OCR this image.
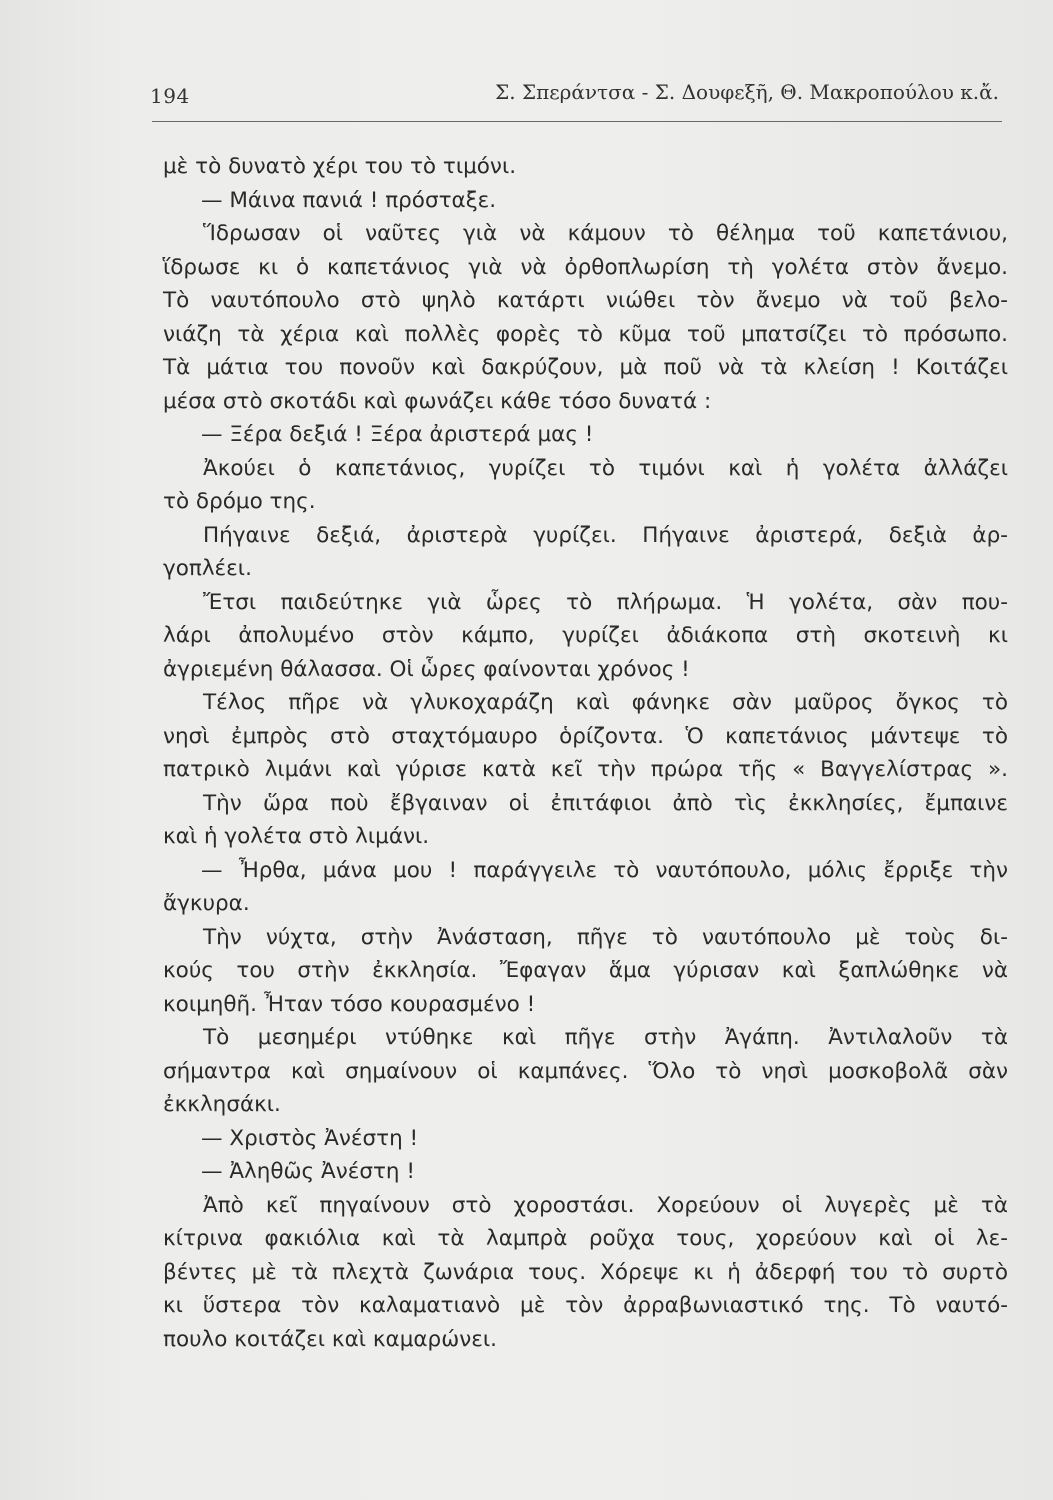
194	Σ. Σπεράντσα - Σ. Δουφεξῆ, Θ. Μακροπούλου κ.ἄ.
μὲ τὸ δυνατὸ χέρι του τὸ τιμόνι.
— Μάινα πανιά ! πρόσταξε.
Ἵδρωσαν οἱ ναῦτες γιὰ νὰ κάμουν τὸ θέλημα τοῦ καπετάνιου,
ἵδρωσε κι ὁ καπετάνιος γιὰ νὰ ὀρθοπλωρίση τὴ γολέτα στὸν ἄνεμο.
Τὸ ναυτόπουλο στὸ ψηλὸ κατάρτι νιώθει τὸν ἄνεμο νὰ τοῦ βελο-
νιάζη τὰ χέρια καὶ πολλὲς φορὲς τὸ κῦμα τοῦ μπατσίζει τὸ πρόσωπο.
Τὰ μάτια του πονοῦν καὶ δακρύζουν, μὰ ποῦ νὰ τὰ κλείση ! Κοιτάζει
μέσα στὸ σκοτάδι καὶ φωνάζει κάθε τόσο δυνατά :
— Ξέρα δεξιά ! Ξέρα ἀριστερά μας !
Ἀκούει ὁ καπετάνιος, γυρίζει τὸ τιμόνι καὶ ἡ γολέτα ἀλλάζει
τὸ δρόμο της.
Πήγαινε δεξιά, ἀριστερὰ γυρίζει. Πήγαινε ἀριστερά, δεξιὰ ἀρ-
γοπλέει.
Ἔτσι παιδεύτηκε γιὰ ὧρες τὸ πλήρωμα. Ἡ γολέτα, σὰν που-
λάρι ἀπολυμένο στὸν κάμπο, γυρίζει ἀδιάκοπα στὴ σκοτεινὴ κι
ἀγριεμένη θάλασσα. Οἱ ὧρες φαίνονται χρόνος !
Τέλος πῆρε νὰ γλυκοχαράζη καὶ φάνηκε σὰν μαῦρος ὄγκος τὸ
νησὶ ἐμπρὸς στὸ σταχτόμαυρο ὁρίζοντα. Ὁ καπετάνιος μάντεψε τὸ
πατρικὸ λιμάνι καὶ γύρισε κατὰ κεῖ τὴν πρώρα τῆς « Βαγγελίστρας ».
Τὴν ὥρα ποὺ ἔβγαιναν οἱ ἐπιτάφιοι ἀπὸ τὶς ἐκκλησίες, ἔμπαινε
καὶ ἡ γολέτα στὸ λιμάνι.
— Ἦρθα, μάνα μου ! παράγγειλε τὸ ναυτόπουλο, μόλις ἔρριξε τὴν
ἄγκυρα.
Τὴν νύχτα, στὴν Ἀνάσταση, πῆγε τὸ ναυτόπουλο μὲ τοὺς δι-
κούς του στὴν ἐκκλησία. Ἔφαγαν ἅμα γύρισαν καὶ ξαπλώθηκε νὰ
κοιμηθῆ. Ἦταν τόσο κουρασμένο !
Τὸ μεσημέρι ντύθηκε καὶ πῆγε στὴν Ἀγάπη. Ἀντιλαλοῦν τὰ
σήμαντρα καὶ σημαίνουν οἱ καμπάνες. Ὅλο τὸ νησὶ μοσκοβολᾶ σὰν
ἐκκλησάκι.
— Χριστὸς Ἀνέστη !
— Ἀληθῶς Ἀνέστη !
Ἀπὸ κεῖ πηγαίνουν στὸ χοροστάσι. Χορεύουν οἱ λυγερὲς μὲ τὰ
κίτρινα φακιόλια καὶ τὰ λαμπρὰ ροῦχα τους, χορεύουν καὶ οἱ λε-
βέντες μὲ τὰ πλεχτὰ ζωνάρια τους. Χόρεψε κι ἡ ἀδερφή του τὸ συρτὸ
κι ὕστερα τὸν καλαματιανὸ μὲ τὸν ἀρραβωνιαστικό της. Τὸ ναυτό-
πουλο κοιτάζει καὶ καμαρώνει.
